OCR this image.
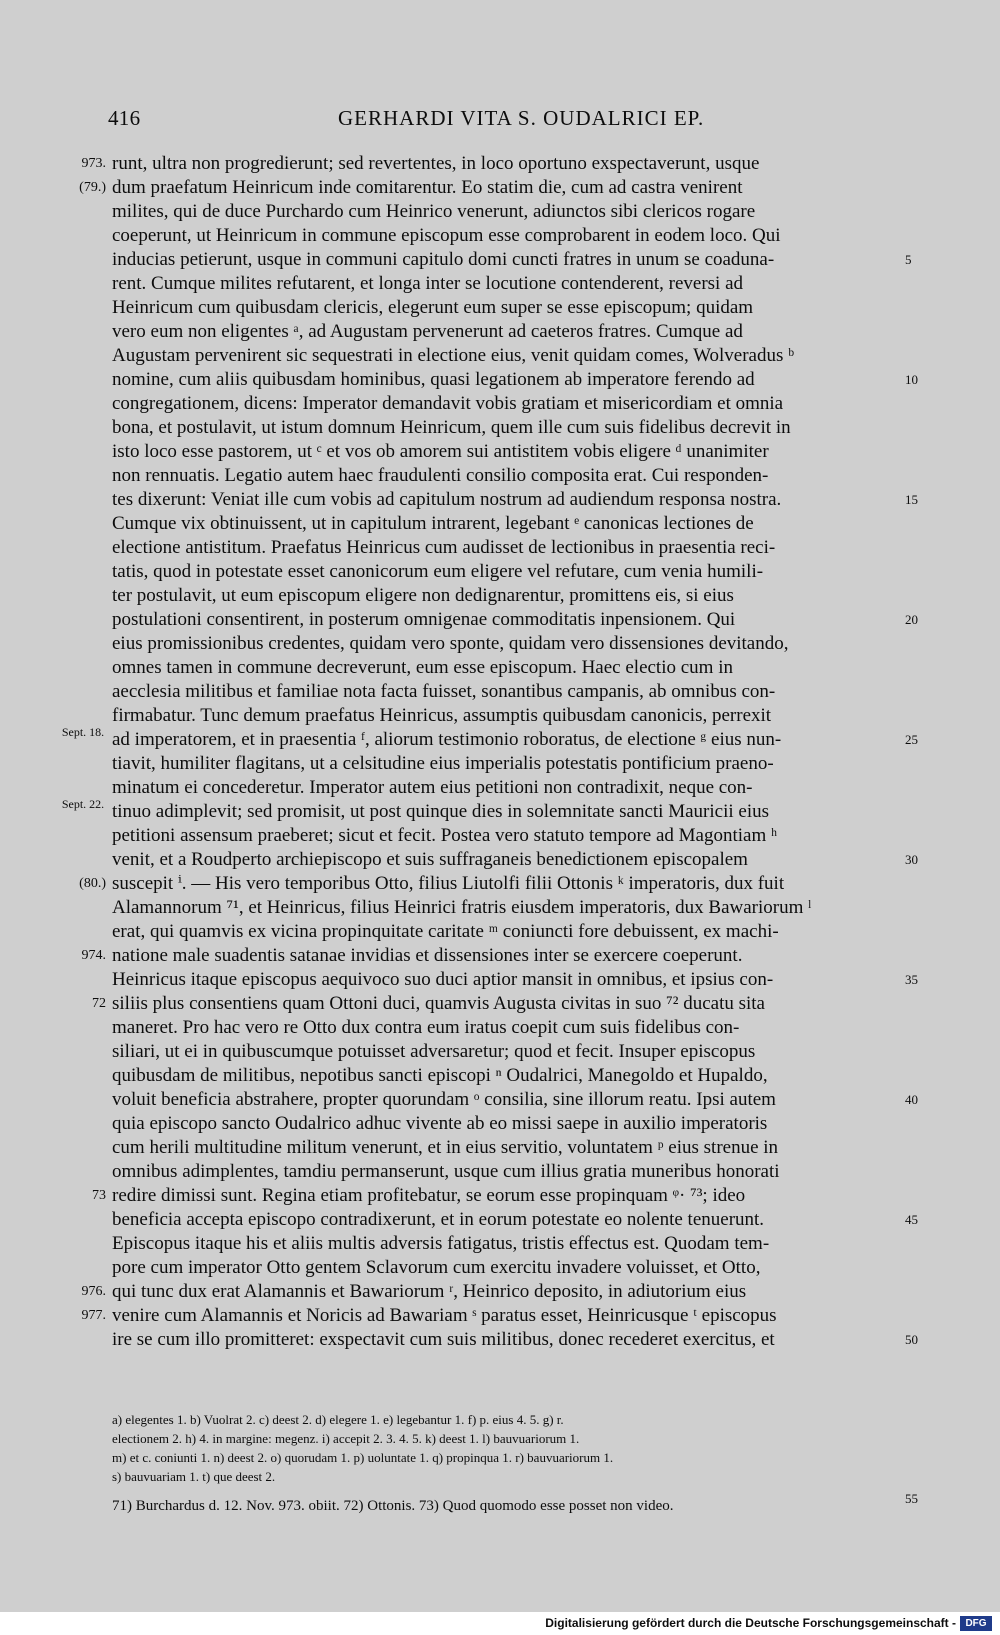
416	GERHARDI VITA S. OUDALRICI EP.
runt, ultra non progredierunt; sed revertentes, in loco oportuno exspectaverunt, usque
dum praefatum Heinricum inde comitarentur. Eo statim die, cum ad castra venirent
milites, qui de duce Purchardo cum Heinrico venerunt, adiunctos sibi clericos rogare
coeperunt, ut Heinricum in commune episcopum esse comprobarent in eodem loco. Qui
inducias petierunt, usque in communi capitulo domi cuncti fratres in unum se coaduna-
rent. Cumque milites refutarent, et longa inter se locutione contenderent, reversi ad
Heinricum cum quibusdam clericis, elegerunt eum super se esse episcopum; quidam
vero eum non eligentes ᵃ, ad Augustam pervenerunt ad caeteros fratres. Cumque ad
Augustam pervenirent sic sequestrati in electione eius, venit quidam comes, Wolveradus ᵇ
nomine, cum aliis quibusdam hominibus, quasi legationem ab imperatore ferendo ad
congregationem, dicens: Imperator demandavit vobis gratiam et misericordiam et omnia
bona, et postulavit, ut istum domnum Heinricum, quem ille cum suis fidelibus decrevit in
isto loco esse pastorem, ut ᶜ et vos ob amorem sui antistitem vobis eligere ᵈ unanimiter
non rennuatis. Legatio autem haec fraudulenti consilio composita erat. Cui responden-
tes dixerunt: Veniat ille cum vobis ad capitulum nostrum ad audiendum responsa nostra.
Cumque vix obtinuissent, ut in capitulum intrarent, legebant ᵉ canonicas lectiones de
electione antistitum. Praefatus Heinricus cum audisset de lectionibus in praesentia reci-
tatis, quod in potestate esset canonicorum eum eligere vel refutare, cum venia humili-
ter postulavit, ut eum episcopum eligere non dedignarentur, promittens eis, si eius
postulationi consentirent, in posterum omnigenae commoditatis inpensionem. Qui
eius promissionibus credentes, quidam vero sponte, quidam vero dissensiones devitando,
omnes tamen in commune decreverunt, eum esse episcopum. Haec electio cum in
aecclesia militibus et familiae nota facta fuisset, sonantibus campanis, ab omnibus con-
firmabatur. Tunc demum praefatus Heinricus, assumptis quibusdam canonicis, perrexit
ad imperatorem, et in praesentia ᶠ, aliorum testimonio roboratus, de electione ᵍ eius nun-
tiavit, humiliter flagitans, ut a celsitudine eius imperialis potestatis pontificium praeno-
minatum ei concederetur. Imperator autem eius petitioni non contradixit, neque con-
tinuo adimplevit; sed promisit, ut post quinque dies in solemnitate sancti Mauricii eius
petitioni assensum praeberet; sicut et fecit. Postea vero statuto tempore ad Magontiam ʰ
venit, et a Roudperto archiepiscopo et suis suffraganeis benedictionem episcopalem
suscepit ⁱ. — His vero temporibus Otto, filius Liutolfi filii Ottonis ᵏ imperatoris, dux fuit
Alamannorum ⁷¹, et Heinricus, filius Heinrici fratris eiusdem imperatoris, dux Bawariorum ˡ
erat, qui quamvis ex vicina propinquitate caritate ᵐ coniuncti fore debuissent, ex machi-
natione male suadentis satanae invidias et dissensiones inter se exercere coeperunt.
Heinricus itaque episcopus aequivoco suo duci aptior mansit in omnibus, et ipsius con-
siliis plus consentiens quam Ottoni duci, quamvis Augusta civitas in suo ⁷² ducatu sita
maneret. Pro hac vero re Otto dux contra eum iratus coepit cum suis fidelibus con-
siliari, ut ei in quibuscumque potuisset adversaretur; quod et fecit. Insuper episcopus
quibusdam de militibus, nepotibus sancti episcopi ⁿ Oudalrici, Manegoldo et Hupaldo,
voluit beneficia abstrahere, propter quorundam ᵒ consilia, sine illorum reatu. Ipsi autem
quia episcopo sancto Oudalrico adhuc vivente ab eo missi saepe in auxilio imperatoris
cum herili multitudine militum venerunt, et in eius servitio, voluntatem ᵖ eius strenue in
omnibus adimplentes, tamdiu permanserunt, usque cum illius gratia muneribus honorati
redire dimissi sunt. Regina etiam profitebatur, se eorum esse propinquam ᵠ· ⁷³; ideo
beneficia accepta episcopo contradixerunt, et in eorum potestate eo nolente tenuerunt.
Episcopus itaque his et aliis multis adversis fatigatus, tristis effectus est. Quodam tem-
pore cum imperator Otto gentem Sclavorum cum exercitu invadere voluisset, et Otto,
qui tunc dux erat Alamannis et Bawariorum ʳ, Heinrico deposito, in adiutorium eius
venire cum Alamannis et Noricis ad Bawariam ˢ paratus esset, Heinricusque ᵗ episcopus
ire se cum illo promitteret: exspectavit cum suis militibus, donec recederet exercitus, et
973.
(79.)
Sept. 18.
Sept. 22.
(80.)
974.
72
73
976.
977.
5
10
15
20
25
30
35
40
45
50
a) elegentes 1. b) Vuolrat 2. c) deest 2. d) elegere 1. e) legebantur 1. f) p. eius 4. 5. g) r.
electionem 2. h) 4. in margine: megenz. i) accepit 2. 3. 4. 5. k) deest 1. l) bauvuariorum 1.
m) et c. coniunti 1. n) deest 2. o) quorudam 1. p) uoluntate 1. q) propinqua 1. r) bauvuariorum 1.
s) bauvuariam 1. t) que deest 2.
71) Burchardus d. 12. Nov. 973. obiit. 72) Ottonis. 73) Quod quomodo esse posset non video.	55
Digitalisierung gefördert durch die Deutsche Forschungsgemeinschaft - DFG
